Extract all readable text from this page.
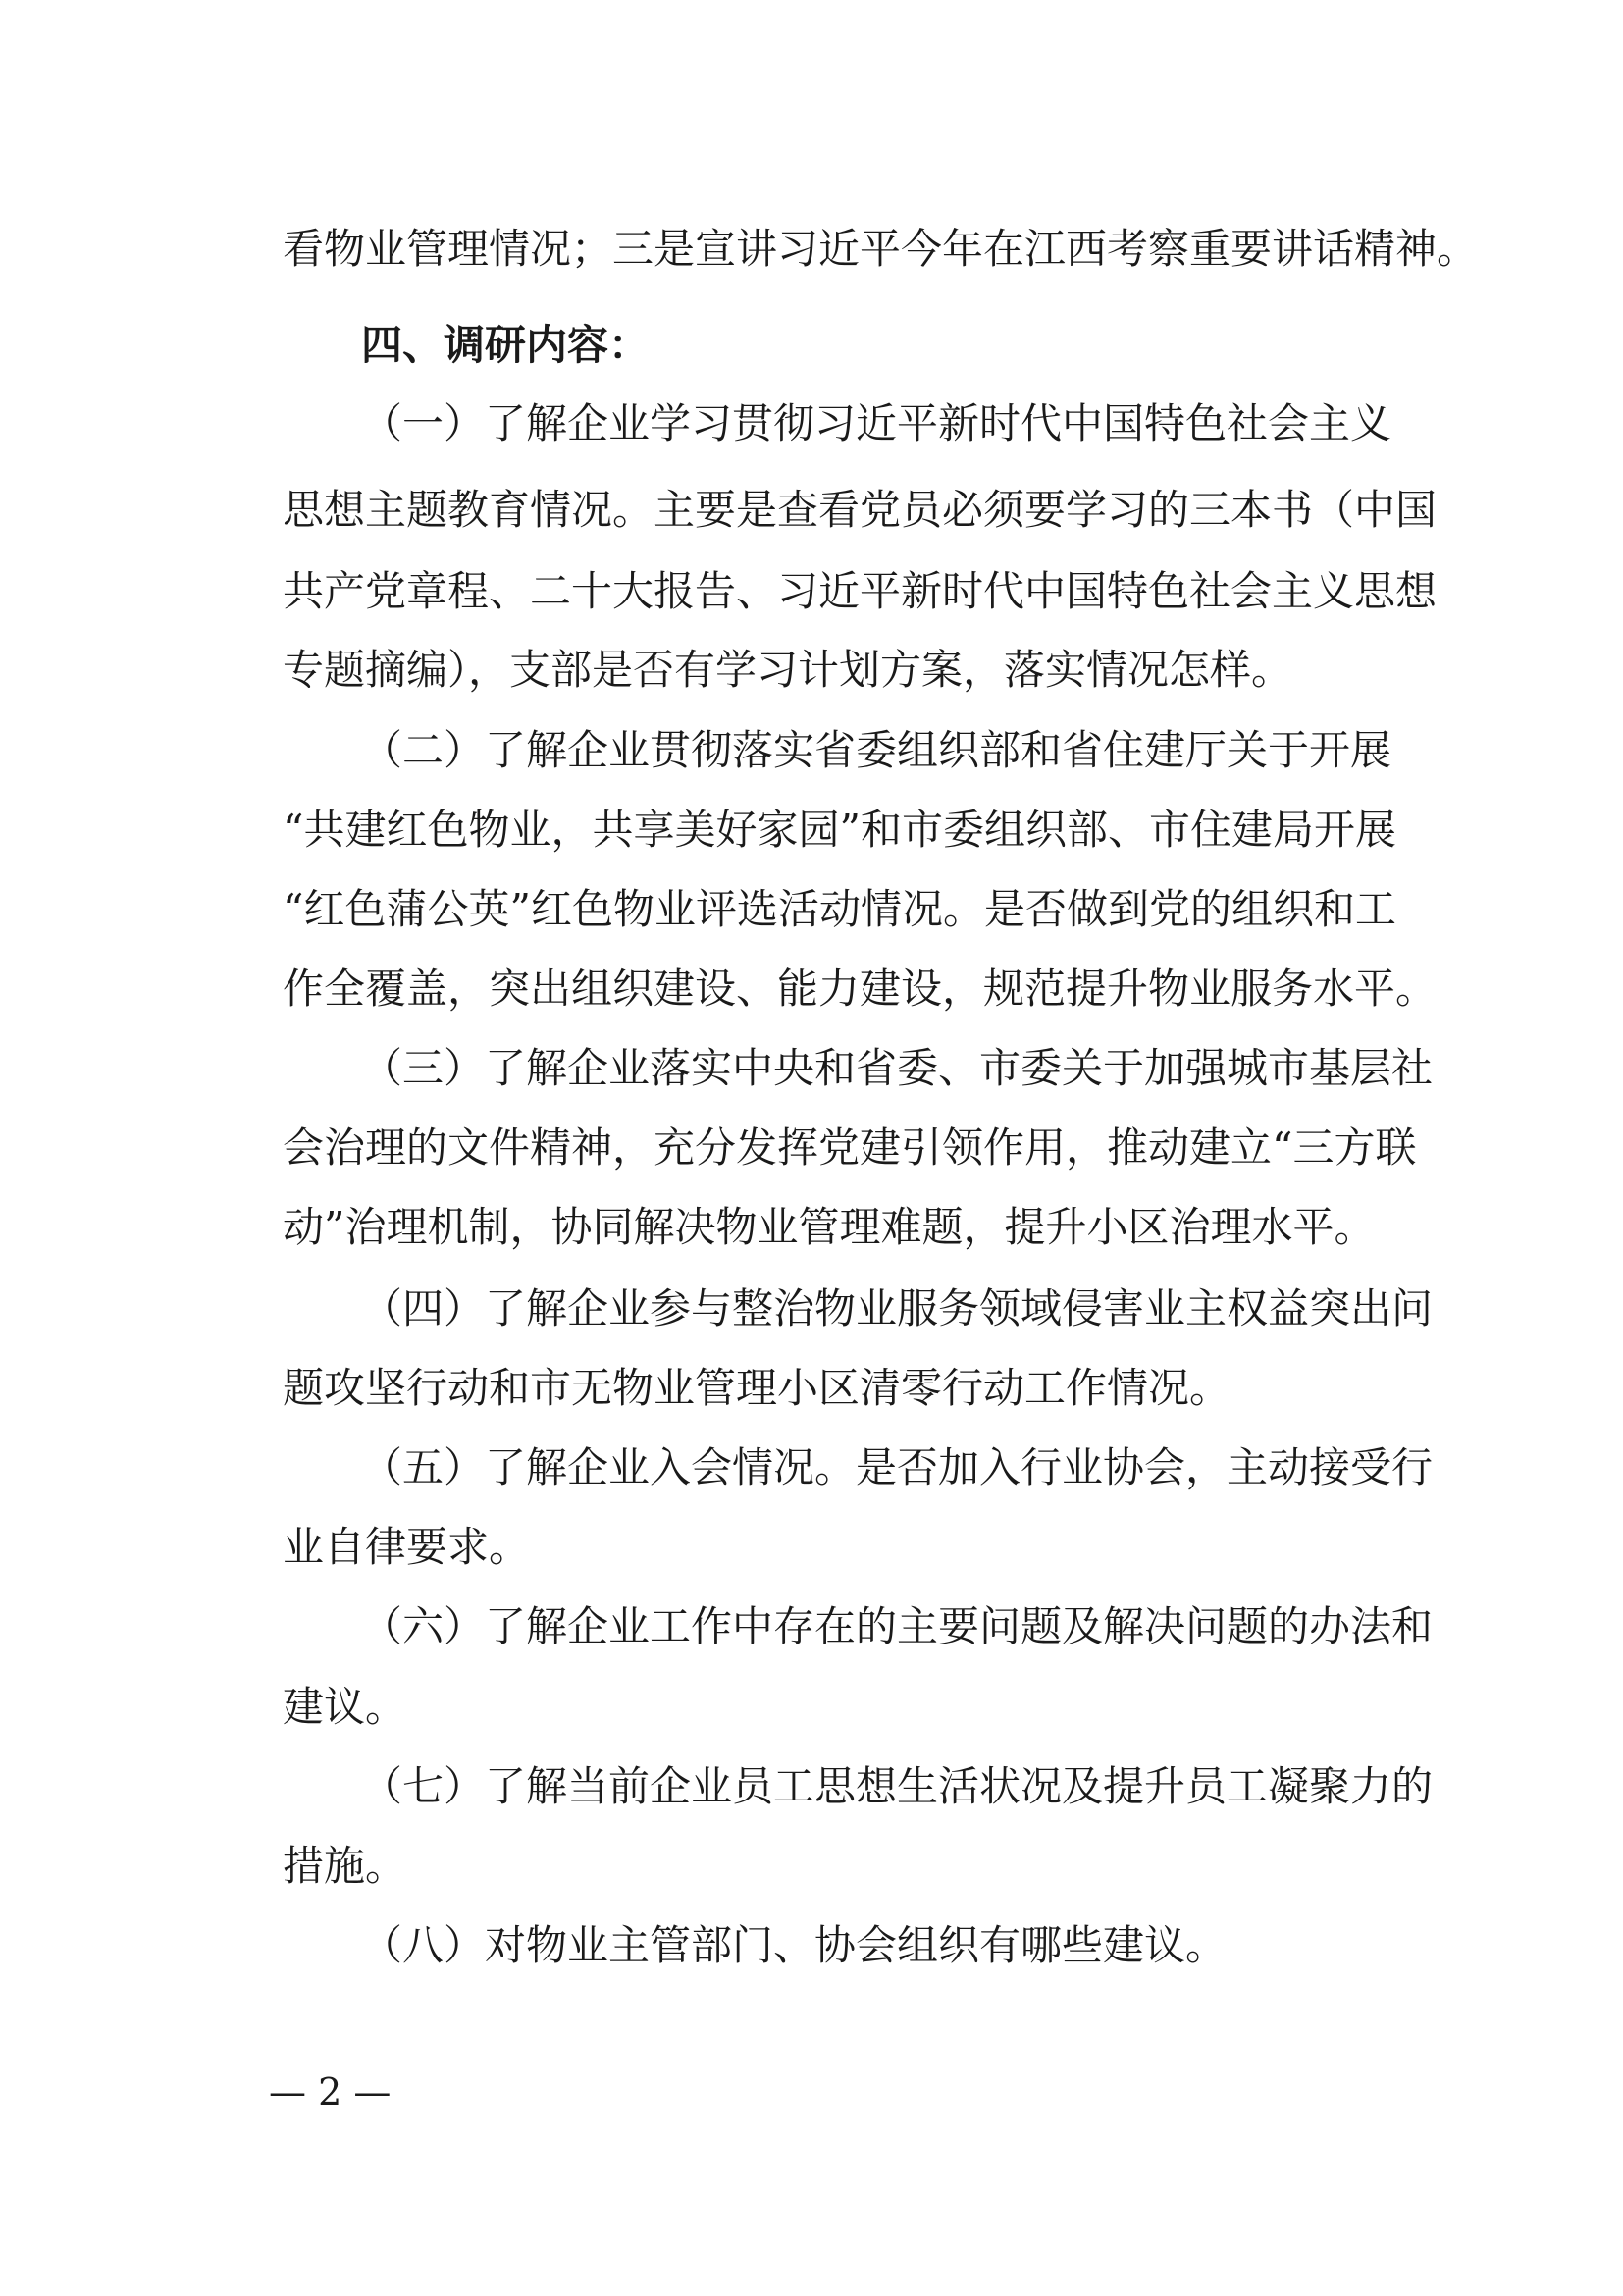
看物业管理情况；三是宣讲习近平今年在江西考察重要讲话精神。
四、调研内容：
（一）了解企业学习贯彻习近平新时代中国特色社会主义
思想主题教育情况。主要是查看党员必须要学习的三本书（中国
共产党章程、二十大报告、习近平新时代中国特色社会主义思想
专题摘编），支部是否有学习计划方案，落实情况怎样。
（二）了解企业贯彻落实省委组织部和省住建厅关于开展
“共建红色物业，共享美好家园”和市委组织部、市住建局开展
“红色蒲公英”红色物业评选活动情况。是否做到党的组织和工
作全覆盖，突出组织建设、能力建设，规范提升物业服务水平。
（三）了解企业落实中央和省委、市委关于加强城市基层社
会治理的文件精神，充分发挥党建引领作用，推动建立“三方联
动”治理机制，协同解决物业管理难题，提升小区治理水平。
（四）了解企业参与整治物业服务领域侵害业主权益突出问
题攻坚行动和市无物业管理小区清零行动工作情况。
（五）了解企业入会情况。是否加入行业协会，主动接受行
业自律要求。
（六）了解企业工作中存在的主要问题及解决问题的办法和
建议。
（七）了解当前企业员工思想生活状况及提升员工凝聚力的
措施。
（八）对物业主管部门、协会组织有哪些建议。
— 2 —
